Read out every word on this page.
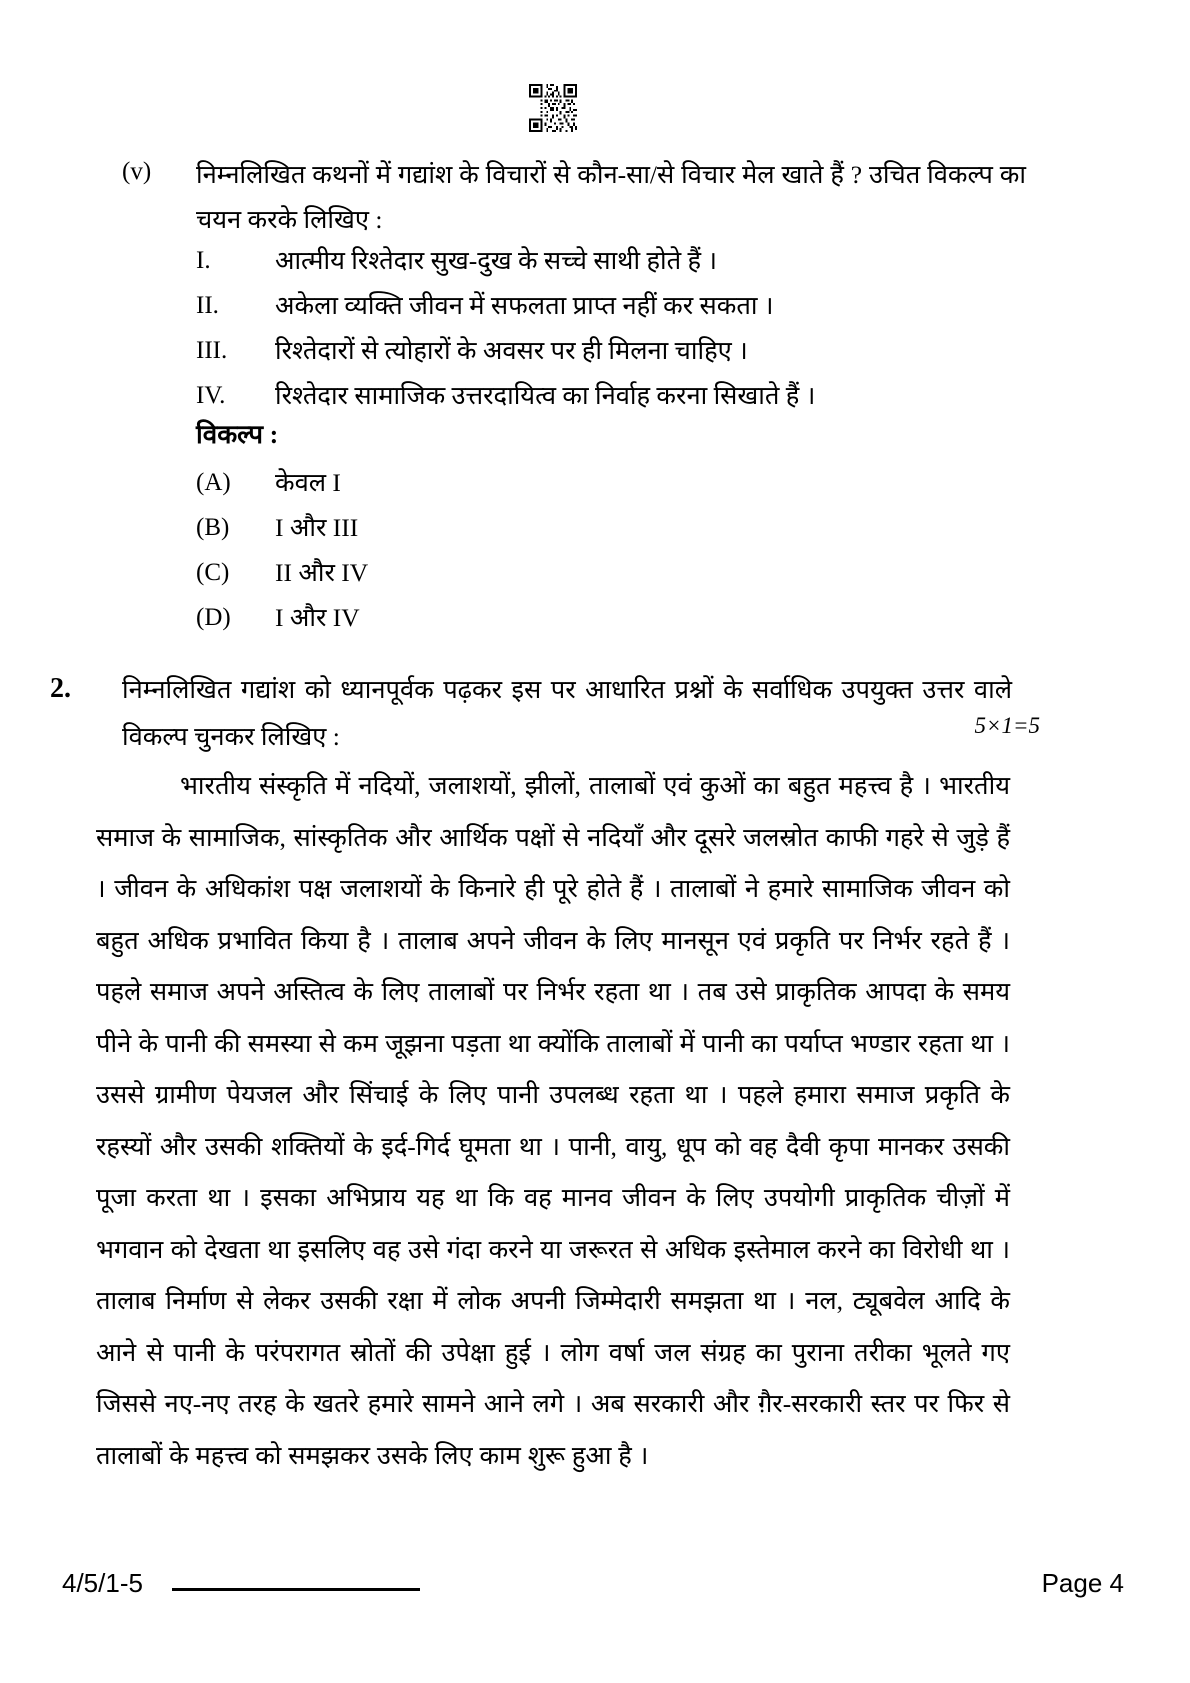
(v) निम्नलिखित कथनों में गद्यांश के विचारों से कौन-सा/से विचार मेल खाते हैं ? उचित विकल्प का चयन करके लिखिए :
I.	आत्मीय रिश्तेदार सुख-दुख के सच्चे साथी होते हैं ।
II. अकेला व्यक्ति जीवन में सफलता प्राप्त नहीं कर सकता ।
III. रिश्तेदारों से त्योहारों के अवसर पर ही मिलना चाहिए ।
IV. रिश्तेदार सामाजिक उत्तरदायित्व का निर्वाह करना सिखाते हैं ।
विकल्प :
(A) केवल I
(B) I और III
(C) II और IV
(D) I और IV
2. निम्नलिखित गद्यांश को ध्यानपूर्वक पढ़कर इस पर आधारित प्रश्नों के सर्वाधिक उपयुक्त उत्तर वाले विकल्प चुनकर लिखिए :	5×1=5
भारतीय संस्कृति में नदियों, जलाशयों, झीलों, तालाबों एवं कुओं का बहुत महत्त्व है । भारतीय समाज के सामाजिक, सांस्कृतिक और आर्थिक पक्षों से नदियाँ और दूसरे जलस्रोत काफी गहरे से जुड़े हैं । जीवन के अधिकांश पक्ष जलाशयों के किनारे ही पूरे होते हैं । तालाबों ने हमारे सामाजिक जीवन को बहुत अधिक प्रभावित किया है । तालाब अपने जीवन के लिए मानसून एवं प्रकृति पर निर्भर रहते हैं । पहले समाज अपने अस्तित्व के लिए तालाबों पर निर्भर रहता था । तब उसे प्राकृतिक आपदा के समय पीने के पानी की समस्या से कम जूझना पड़ता था क्योंकि तालाबों में पानी का पर्याप्त भण्डार रहता था । उससे ग्रामीण पेयजल और सिंचाई के लिए पानी उपलब्ध रहता था । पहले हमारा समाज प्रकृति के रहस्यों और उसकी शक्तियों के इर्द-गिर्द घूमता था । पानी, वायु, धूप को वह दैवी कृपा मानकर उसकी पूजा करता था । इसका अभिप्राय यह था कि वह मानव जीवन के लिए उपयोगी प्राकृतिक चीज़ों में भगवान को देखता था इसलिए वह उसे गंदा करने या जरूरत से अधिक इस्तेमाल करने का विरोधी था । तालाब निर्माण से लेकर उसकी रक्षा में लोक अपनी जिम्मेदारी समझता था । नल, ट्यूबवेल आदि के आने से पानी के परंपरागत स्रोतों की उपेक्षा हुई । लोग वर्षा जल संग्रह का पुराना तरीका भूलते गए जिससे नए-नए तरह के खतरे हमारे सामने आने लगे । अब सरकारी और ग़ैर-सरकारी स्तर पर फिर से तालाबों के महत्त्व को समझकर उसके लिए काम शुरू हुआ है ।
4/5/1-5	Page 4
